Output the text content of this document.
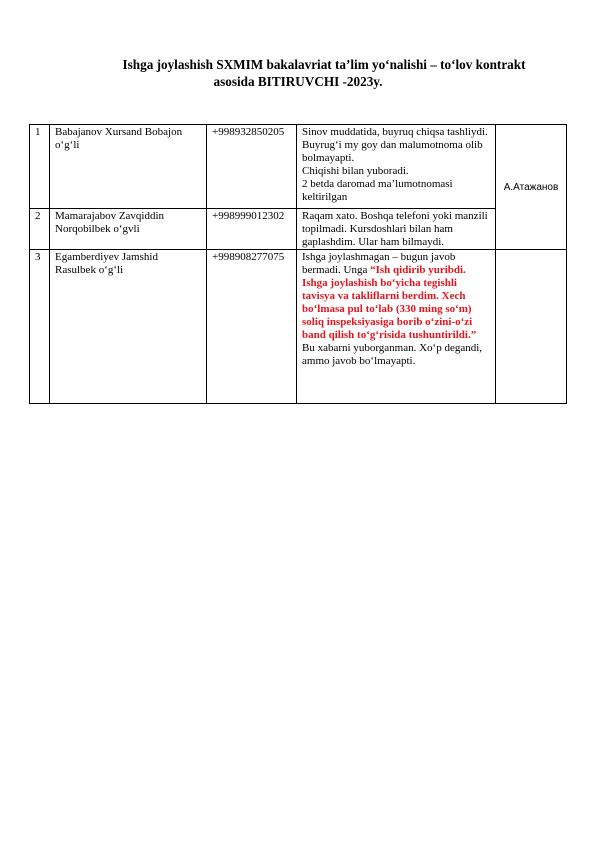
Ishga joylashish SXMIM bakalavriat ta’lim yo‘nalishi – to‘lov kontrakt
asosida BITIRUVCHI -2023y.
1	Babajanov Xursand Bobajon o‘g‘li	+998932850205	Sinov muddatida, buyruq chiqsa tashliydi. Buyrug‘i my goy dan malumotnoma olib bolmayapti.
Chiqishi bilan yuboradi.
2 betda daromad ma’lumotnomasi keltirilgan	А.Атажанов
2	Mamarajabov Zavqiddin Norqobilbek o‘gvli	+998999012302	Raqam xato. Boshqa telefoni yoki manzili topilmadi. Kursdoshlari bilan ham gaplashdim. Ular ham bilmaydi.	
3	Egamberdiyev Jamshid Rasulbek o‘g‘li	+998908277075	Ishga joylashmagan – bugun javob bermadi. Unga “Ish qidirib yuribdi. Ishga joylashish bo‘yicha tegishli tavisya va takliflarni berdim. Xech bo‘lmasa pul to‘lab (330 ming so‘m) soliq inspeksiyasiga borib o‘zini-o‘zi band qilish to‘g‘risida tushuntirildi.” Bu xabarni yuborganman. Xo‘p degandi, ammo javob bo‘lmayapti.	
